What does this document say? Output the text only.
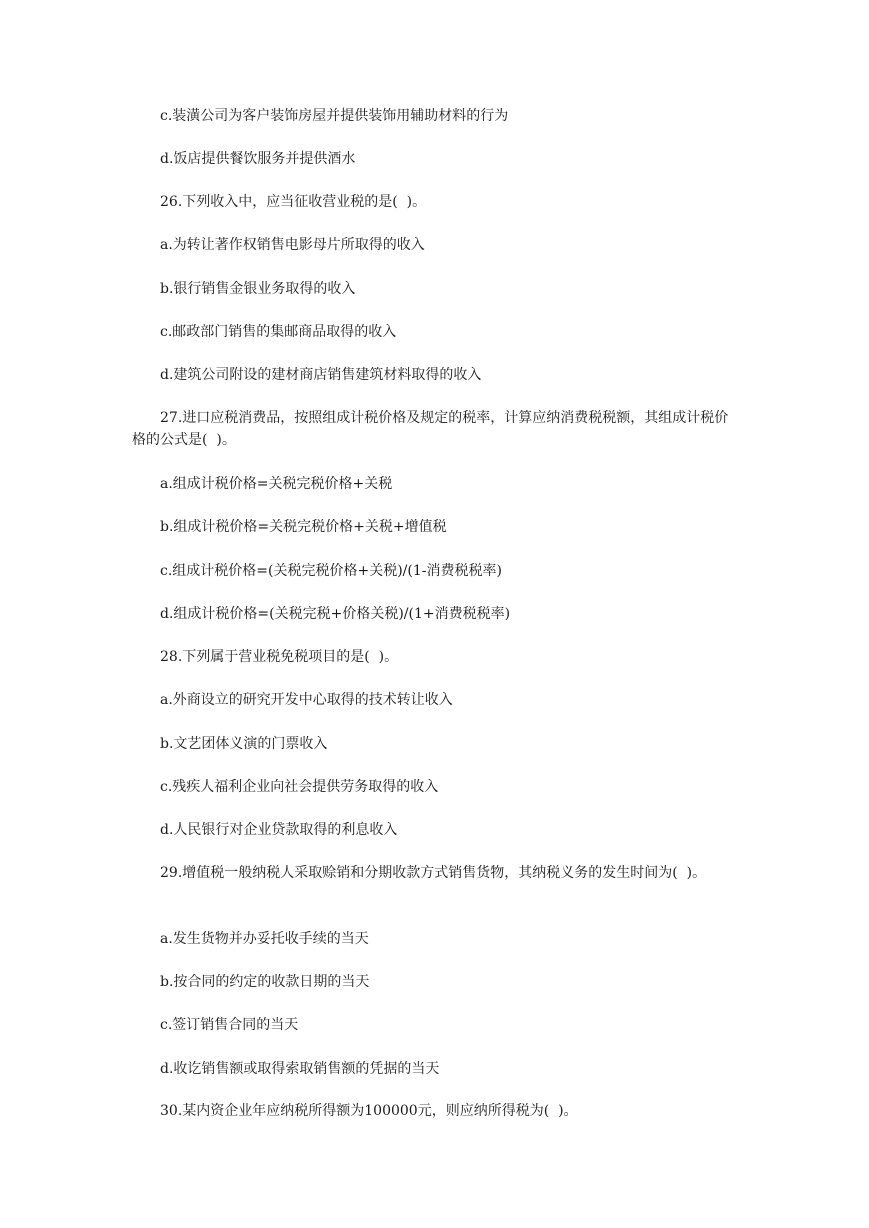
c.装潢公司为客户装饰房屋并提供装饰用辅助材料的行为
d.饭店提供餐饮服务并提供酒水
26.下列收入中，应当征收营业税的是(  )。
a.为转让著作权销售电影母片所取得的收入
b.银行销售金银业务取得的收入
c.邮政部门销售的集邮商品取得的收入
d.建筑公司附设的建材商店销售建筑材料取得的收入
27.进口应税消费品，按照组成计税价格及规定的税率，计算应纳消费税税额，其组成计税价格的公式是(  )。
a.组成计税价格=关税完税价格+关税
b.组成计税价格=关税完税价格+关税+增值税
c.组成计税价格=(关税完税价格+关税)/(1-消费税税率)
d.组成计税价格=(关税完税+价格关税)/(1+消费税税率)
28.下列属于营业税免税项目的是(  )。
a.外商设立的研究开发中心取得的技术转让收入
b.文艺团体义演的门票收入
c.残疾人福利企业向社会提供劳务取得的收入
d.人民银行对企业贷款取得的利息收入
29.增值税一般纳税人采取赊销和分期收款方式销售货物，其纳税义务的发生时间为(  )。
a.发生货物并办妥托收手续的当天
b.按合同的约定的收款日期的当天
c.签订销售合同的当天
d.收讫销售额或取得索取销售额的凭据的当天
30.某内资企业年应纳税所得额为100000元，则应纳所得税为(  )。
